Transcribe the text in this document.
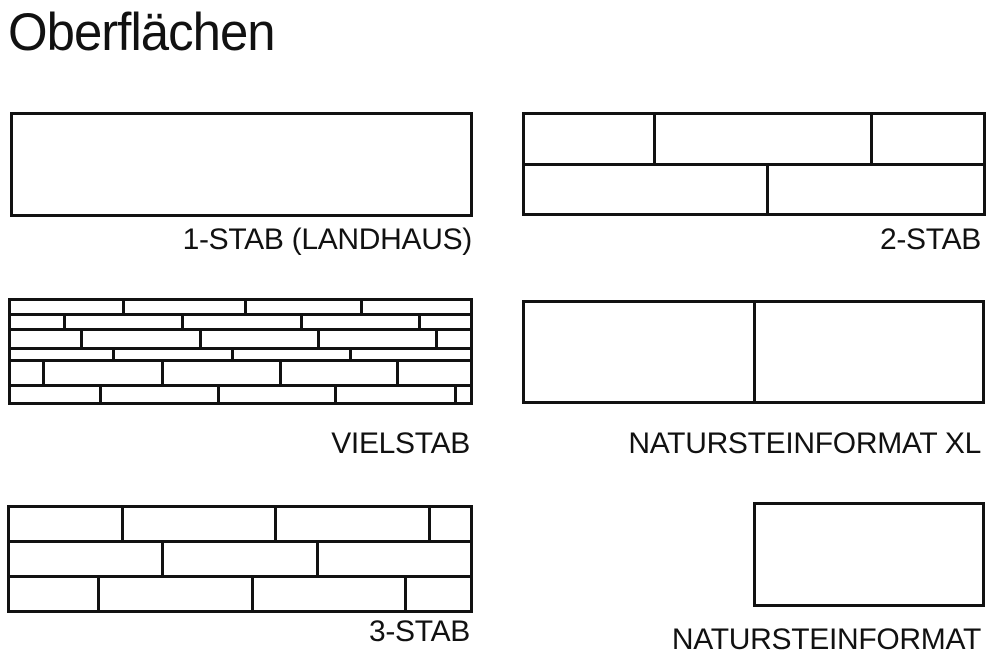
Oberflächen
1-STAB (LANDHAUS)	2-STAB
VIELSTAB	NATURSTEINFORMAT XL
3-STAB	NATURSTEINFORMAT
